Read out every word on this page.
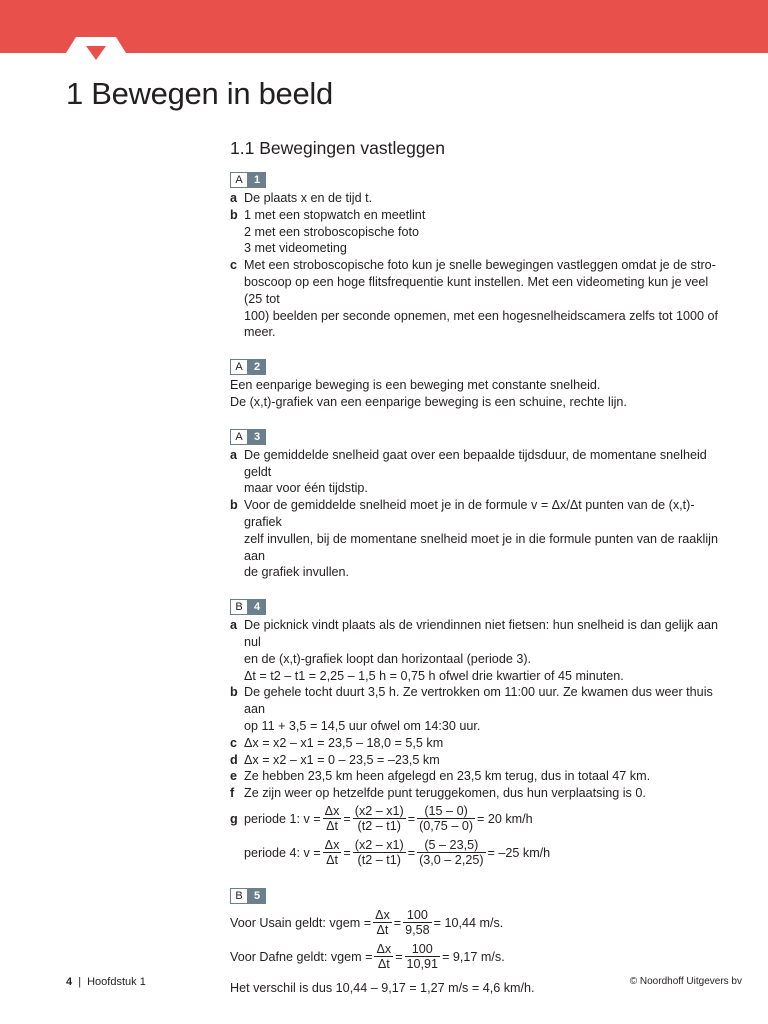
1 Bewegen in beeld
1.1 Bewegingen vastleggen
A	1
a De plaats x en de tijd t.
b 1 met een stopwatch en meetlint
2 met een stroboscopische foto
3 met videometing
c Met een stroboscopische foto kun je snelle bewegingen vastleggen omdat je de stro-
boscoop op een hoge flitsfrequentie kunt instellen. Met een videometing kun je veel (25 tot
100) beelden per seconde opnemen, met een hogesnelheidscamera zelfs tot 1000 of meer.
A	2
Een eenparige beweging is een beweging met constante snelheid.
De (x,t)-grafiek van een eenparige beweging is een schuine, rechte lijn.
A	3
a De gemiddelde snelheid gaat over een bepaalde tijdsduur, de momentane snelheid geldt
maar voor één tijdstip.
b Voor de gemiddelde snelheid moet je in de formule v = Δx/Δt punten van de (x,t)-grafiek
zelf invullen, bij de momentane snelheid moet je in die formule punten van de raaklijn aan
de grafiek invullen.
B	4
a De picknick vindt plaats als de vriendinnen niet fietsen: hun snelheid is dan gelijk aan nul
en de (x,t)-grafiek loopt dan horizontaal (periode 3).
Δt = t2 – t1 = 2,25 – 1,5 h = 0,75 h ofwel drie kwartier of 45 minuten.
b De gehele tocht duurt 3,5 h. Ze vertrokken om 11:00 uur. Ze kwamen dus weer thuis aan
op 11 + 3,5 = 14,5 uur ofwel om 14:30 uur.
c Δx = x2 – x1 = 23,5 – 18,0 = 5,5 km
d Δx = x2 – x1 = 0 – 23,5 = –23,5 km
e Ze hebben 23,5 km heen afgelegd en 23,5 km terug, dus in totaal 47 km.
f Ze zijn weer op hetzelfde punt teruggekomen, dus hun verplaatsing is 0.
g periode 1: $v = \frac{\Delta x}{\Delta t} = \frac{(x2 - x1)}{(t2 - t1)} = \frac{(15 - 0)}{(0,75 - 0)} = 20$ km/h
periode 4: $v = \frac{\Delta x}{\Delta t} = \frac{(x2 - x1)}{(t2 - t1)} = \frac{(5 - 23,5)}{(3,0 - 2,25)} = -25$ km/h
B	5
Voor Usain geldt: vgem = $\frac{\Delta x}{\Delta t} = \frac{100}{9,58} = 10,44$ m/s.
Voor Dafne geldt: vgem = $\frac{\Delta x}{\Delta t} = \frac{100}{10,91} = 9,17$ m/s.
Het verschil is dus 10,44 – 9,17 = 1,27 m/s = 4,6 km/h.
4 | Hoofdstuk 1	© Noordhoff Uitgevers bv
